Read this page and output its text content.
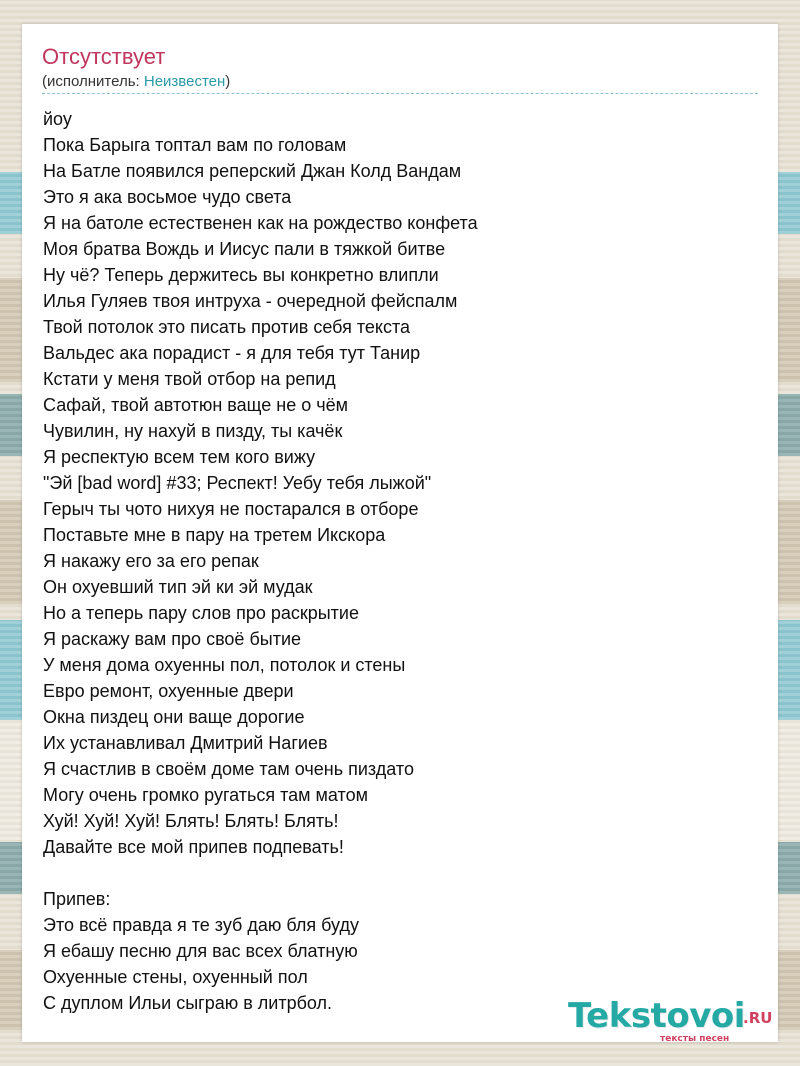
Отсутствует
(исполнитель: Неизвестен)
йоу
Пока Барыга топтал вам по головам
На Батле появился реперский Джан Колд Вандам
Это я ака восьмое чудо света
Я на батоле естественен как на рождество конфета
Моя братва Вождь и Иисус пали в тяжкой битве
Ну чё? Теперь держитесь вы конкретно влипли
Илья Гуляев твоя интруха - очередной фейспалм
Твой потолок это писать против себя текста
Вальдес ака порадист - я для тебя тут Танир
Кстати у меня твой отбор на репид
Сафай, твой автотюн ваще не о чём
Чувилин, ну нахуй в пизду, ты качёк
Я респектую всем тем кого вижу
"Эй [bad word] #33; Респект! Уебу тебя лыжой"
Герыч ты чото нихуя не постарался в отборе
Поставьте мне в пару на третем Икскора
Я накажу его за его репак
Он охуевший тип эй ки эй мудак
Но а теперь пару слов про раскрытие
Я раскажу вам про своё бытие
У меня дома охуенны пол, потолок и стены
Евро ремонт, охуенные двери
Окна пиздец они ваще дорогие
Их устанавливал Дмитрий Нагиев
Я счастлив в своём доме там очень пиздато
Могу очень громко ругаться там матом
Хуй! Хуй! Хуй! Блять! Блять! Блять!
Давайте все мой припев подпевать!
Припев:
Это всё правда я те зуб даю бля буду
Я ебашу песню для вас всех блатную
Охуенные стены, охуенный пол
С дуплом Ильи сыграю в литрбол.	Tekstovoi
.RU
тексты песен
